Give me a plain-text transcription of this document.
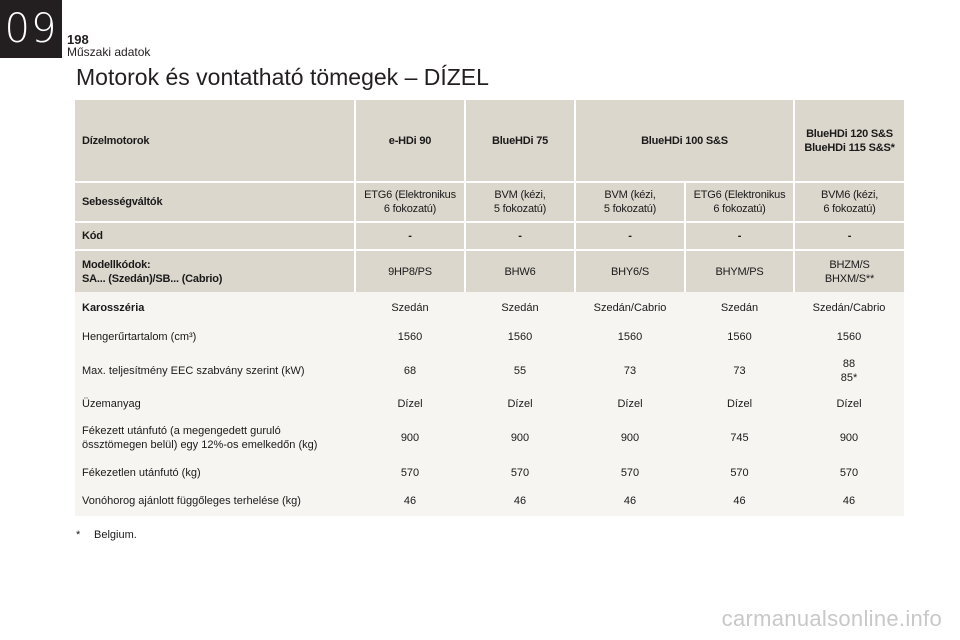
09 198
Műszaki adatok
Motorok és vontatható tömegek – DÍZEL
Dízelmotorok	e-HDi 90	BlueHDi 75	BlueHDi 100 S&S		BlueHDi 120 S&S
BlueHDi 115 S&S*
Sebességváltók	ETG6 (Elektronikus
6 fokozatú)	BVM (kézi,
5 fokozatú)	BVM (kézi,
5 fokozatú)	ETG6 (Elektronikus
6 fokozatú)	BVM6 (kézi,
6 fokozatú)
Kód	-	-	-	-	-
Modellkódok:
SA... (Szedán)/SB... (Cabrio)	9HP8/PS	BHW6	BHY6/S	BHYM/PS	BHZM/S
BHXM/S**
Karosszéria	Szedán	Szedán	Szedán/Cabrio	Szedán	Szedán/Cabrio
Hengerűrtartalom (cm³)	1560	1560	1560	1560	1560
Max. teljesítmény EEC szabvány szerint (kW)	68	55	73	73	88
85*
Üzemanyag	Dízel	Dízel	Dízel	Dízel	Dízel
Fékezett utánfutó (a megengedett guruló
össztömegen belül) egy 12%-os emelkedőn (kg)	900	900	900	745	900
Fékezetlen utánfutó (kg)	570	570	570	570	570
Vonóhorog ajánlott függőleges terhelése (kg)	46	46	46	46	46
* Belgium.
carmanualsonline.info
